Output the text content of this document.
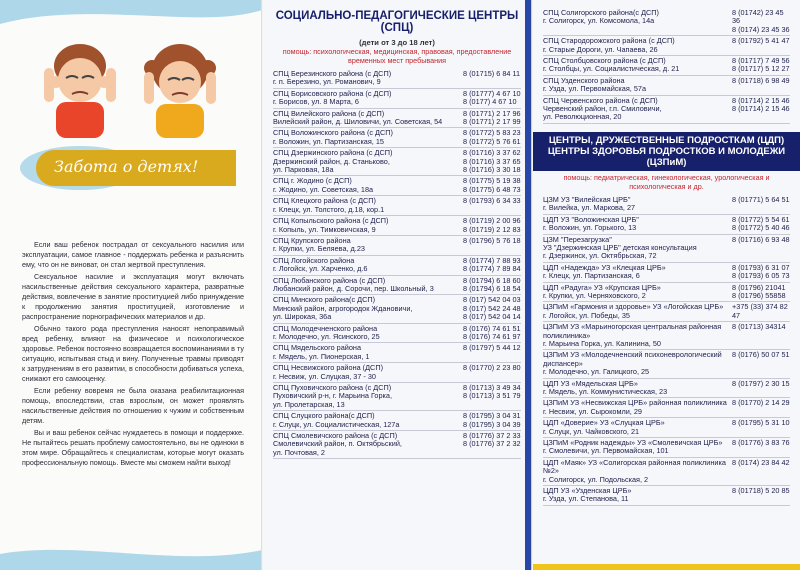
Забота о детях!

Если ваш ребенок пострадал от сексуального насилия или эксплуатации, самое главное - поддержать ребенка и разъяснить ему, что он не виноват, он стал жертвой преступления.

Сексуальное насилие и эксплуатация могут включать насильственные действия сексуального характера, развратные действия, вовлечение в занятие проституцией либо принуждение к продолжению занятия проституцией, изготовление и распространение порнографических материалов и др.

Обычно такого рода преступления наносят непоправимый вред ребенку, влияют на физическое и психологическое здоровье. Ребенок постоянно возвращается воспоминаниями в ту ситуацию, испытывая стыд и вину. Полученные травмы приводят к затруднениям в его развитии, в способности добиваться успеха, снижают его самооценку.

Если ребенку вовремя не была оказана реабилитационная помощь, впоследствии, став взрослым, он может проявлять насильственные действия по отношению к чужим и собственным детям.

Вы и ваш ребенок сейчас нуждаетесь в помощи и поддержке. Не пытайтесь решать проблему самостоятельно, вы не одиноки в этом мире. Обращайтесь к специалистам, которые могут оказать профессиональную помощь. Вместе мы сможем найти выход!

СОЦИАЛЬНО-ПЕДАГОГИЧЕСКИЕ ЦЕНТРЫ (СПЦ)
(дети от 3 до 18 лет)
помощь: психологическая, медицинская, правовая, предоставление временных мест пребывания
СПЦ Березинского района (с ДСП)
г. п. Березино, ул. Романович, 9
8 (01715) 6 84 11
СПЦ Борисовского района (с ДСП)
г. Борисов, ул. 8 Марта, 6
8 (01777) 4 67 10
8 (0177) 4 67 10
СПЦ Вилейского района (с ДСП)
Вилейский район, д. Шиловичи, ул. Советская, 54
8 (01771) 2 17 96
8 (01771) 2 17 99
СПЦ Воложинского района (с ДСП)
г. Воложин, ул. Партизанская, 15
8 (01772) 5 83 23
8 (01772) 5 76 61
СПЦ Дзержинского района (с ДСП)
Дзержинский район, д. Станьково,
ул. Парковая, 18а
8 (01716) 3 37 62
8 (01716) 3 37 65
8 (01716) 3 30 18
СПЦ г. Жодино (с ДСП)
г. Жодино, ул. Советская, 18а
8 (01775) 5 19 38
8 (01775) 6 48 73
СПЦ Клецкого района (с ДСП)
г. Клецк, ул. Толстого, д.18, кор.1
8 (01793) 6 34 33
СПЦ Копыльского района (с ДСП)
г. Копыль, ул. Тимковичская, 9
8 (01719) 2 00 96
8 (01719) 2 12 83
СПЦ Крупского района
г. Крупки, ул. Беляева, д.23
8 (01796) 5 76 18
СПЦ Логойского района
г. Логойск, ул. Харченко, д.6
8 (01774) 7 88 93
8 (01774) 7 89 84
СПЦ Любанского района (с ДСП)
Любанский район, д. Сорочи, пер. Школьный, 3
8 (01794) 6 18 60
8 (01794) 6 18 54
СПЦ Минского района(с ДСП)
Минский район, агрогородок Ждановичи,
ул. Широкая, 36а
8 (017) 542 04 03
8 (017) 542 24 48
8 (017) 542 04 14
СПЦ Молодечненского района
г. Молодечно, ул. Ясинского, 25
8 (0176) 74 61 51
8 (0176) 74 61 97
СПЦ Мядельского района
г. Мядель, ул. Пионерская, 1
8 (01797) 5 44 12
СПЦ Несвижского района (ДСП)
г. Несвиж, ул. Слуцкая, 37 - 30
8 (01770) 2 23 80
СПЦ Пуховичского района (с ДСП)
Пуховичский р-н, г. Марьина Горка,
ул. Пролетарская, 13
8 (01713) 3 49 34
8 (01713) 3 51 79
СПЦ Слуцкого района(с ДСП)
г. Слуцк, ул. Социалистическая, 127а
8 (01795) 3 04 31
8 (01795) 3 04 39
СПЦ Смолевичского района (с ДСП)
Смолевичский район, п. Октябрьский,
ул. Почтовая, 2
8 (01776) 37 2 33
8 (01776) 37 2 32
СПЦ Солигорского района(с ДСП)
г. Солигорск, ул. Комсомола, 14а
8 (01742) 23 45 36
8 (0174) 23 45 36
СПЦ Стародорожского района (с ДСП)
г. Старые Дороги, ул. Чапаева, 26
8 (01792) 5 41 47
СПЦ Столбцовского района (с ДСП)
г. Столбцы, ул. Социалистическая, д. 21
8 (01717) 7 49 56
8 (01717) 5 12 27
СПЦ Узденского района
г. Узда, ул. Первомайская, 57а
8 (01718) 6 98 49
СПЦ Червенского района (с ДСП)
Червенский район, г.п. Смиловичи,
ул. Революционная, 20
8 (01714) 2 15 46
8 (01714) 2 15 46
ЦЕНТРЫ, ДРУЖЕСТВЕННЫЕ ПОДРОСТКАМ (ЦДП)
ЦЕНТРЫ ЗДОРОВЬЯ ПОДРОСТКОВ И МОЛОДЕЖИ (ЦЗПиМ)
помощь: педиатрическая, гинекологическая, урологическая и психологическая и др.
ЦЗМ УЗ "Вилейская ЦРБ"
г. Вилейка, ул. Маркова, 27
8 (01771) 5 64 51
ЦДП УЗ "Воложинская ЦРБ"
г. Воложин, ул. Горького, 13
8 (01772) 5 54 61
8 (01772) 5 40 46
ЦЗМ "Перезагрузка"
УЗ "Дзержинская ЦРБ" детская консультация
г. Дзержинск, ул. Октябрьская, 72
8 (01716) 6 93 48
ЦДП «Надежда» УЗ «Клецкая ЦРБ»
г. Клецк, ул. Партизанская, 6
8 (01793) 6 31 07
8 (01793) 6 05 73
ЦДП «Радуга» УЗ «Крупская ЦРБ»
г. Крупки, ул. Черняховского, 2
8 (01796) 21041
8 (01796) 55858
ЦЗПиМ «Гармония и здоровье» УЗ «Логойская ЦРБ»
г. Логойск, ул. Победы, 35
+375 (33) 374 82 47
ЦЗПиМ УЗ «Марьиногорская центральная районная поликлиника»
г. Марьина Горка, ул. Калинина, 50
8 (01713) 34314
ЦЗПиМ УЗ «Молодечненский психоневрологический диспансер»
г. Молодечно, ул. Галицкого, 25
8 (0176) 50 07 51
ЦДП УЗ «Мядельская ЦРБ»
г. Мядель, ул. Коммунистическая, 23
8 (01797) 2 30 15
ЦЗПиМ УЗ «Несвижская ЦРБ» районная поликлиника
г. Несвиж, ул. Сырокомли, 29
8 (01770) 2 14 29
ЦДП «Доверие» УЗ «Слуцкая ЦРБ»
г. Слуцк, ул. Чайковского, 21
8 (01795) 5 31 10
ЦЗПиМ «Родник надежды» УЗ «Смолевичская ЦРБ»
г. Смолевичи, ул. Первомайская, 101
8 (01776) 3 83 76
ЦДП «Маяк» УЗ «Солигорская районная поликлиника №2»
г. Солигорск, ул. Подольская, 2
8 (0174) 23 84 42
ЦДП УЗ «Узденская ЦРБ»
г. Узда, ул. Степанова, 11
8 (01718) 5 20 85
